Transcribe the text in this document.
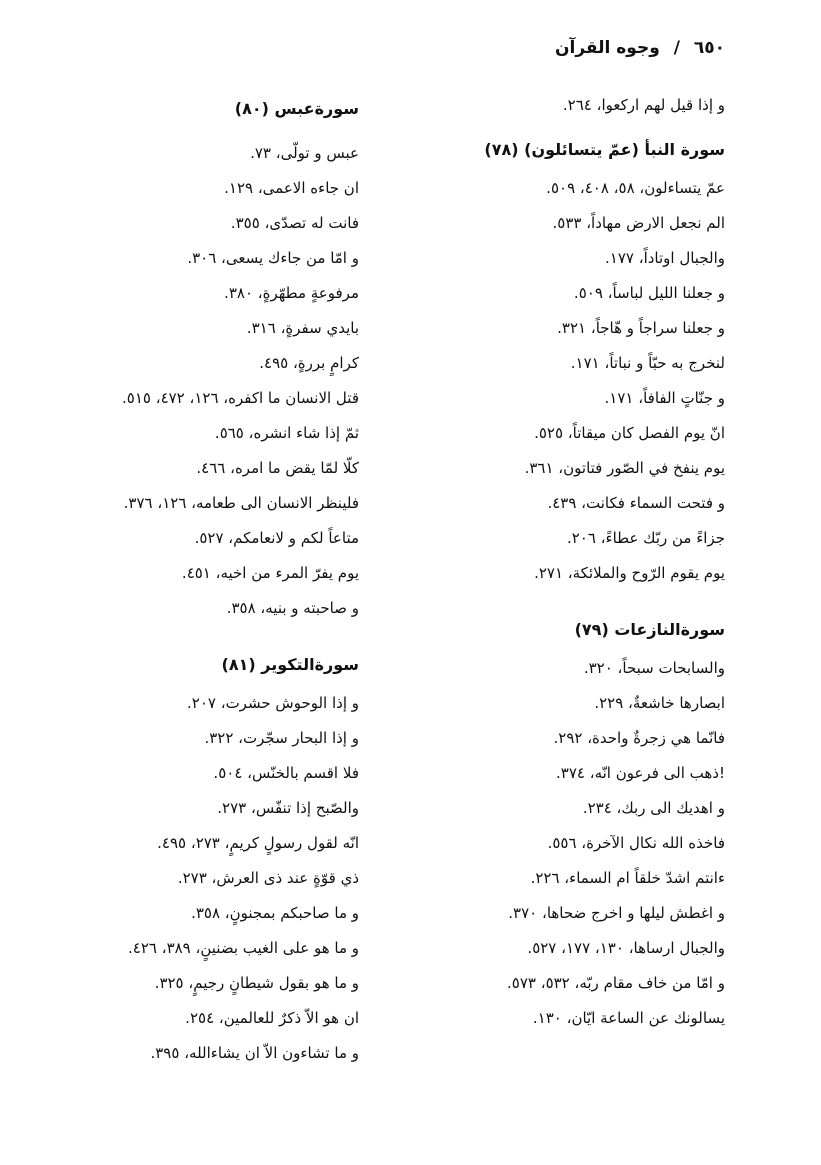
٦٥٠ / وجوه القرآن
و إذا قيل لهم اركعوا، ٢٦٤.
سورة النبأ (عمّ يتسائلون) (٧٨)
عمّ يتساءلون، ٥٨، ٤٠٨، ٥٠٩.
الم نجعل الارض مهاداً، ٥٣٣.
والجبال اوتاداً، ١٧٧.
و جعلنا الليل لباساً، ٥٠٩.
و جعلنا سراجاً و هّاجاً، ٣٢١.
لنخرج به حبّاً و نباتاً، ١٧١.
و جنّاتٍ الفافاً، ١٧١.
انّ يوم الفصل كان ميقاتاً، ٥٢٥.
يوم ينفخ في الصّور فتاتون، ٣٦١.
و فتحت السماء فكانت، ٤٣٩.
جزاءً من ربّك عطاءً، ٢٠٦.
يوم يقوم الرّوح والملائكة، ٢٧١.
سورةالنازعات (٧٩)
والسابحات سبحاً، ٣٢٠.
ابصارها خاشعةٌ، ٢٢٩.
فانّما هي زجرةٌ واحدة، ٢٩٢.
!ذهب الى فرعون انّه، ٣٧٤.
و اهديك الى ربك، ٢٣٤.
فاخذه الله نكال الآخرة، ٥٥٦.
ءانتم اشدّ خلقاً ام السماء، ٢٢٦.
و اغطش ليلها و اخرج ضحاها، ٣٧٠.
والجبال ارساها، ١٣٠، ١٧٧، ٥٢٧.
و امّا من خاف مقام ربّه، ٥٣٢، ٥٧٣.
يسالونك عن الساعة ايّان، ١٣٠.
سورةعبس (٨٠)
عبس و تولّى، ٧٣.
ان جاءه الاعمى، ١٢٩.
فانت له تصدّى، ٣٥٥.
و امّا من جاءك يسعى، ٣٠٦.
مرفوعةٍ مطهّرةٍ، ٣٨٠.
بايدي سفرةٍ، ٣١٦.
كرامٍ بررةٍ، ٤٩٥.
قتل الانسان ما اكفره، ١٢٦، ٤٧٢، ٥١٥.
ثمّ إذا شاء انشره، ٥٦٥.
كلّا لمّا يقض ما امره، ٤٦٦.
فلينظر الانسان الى طعامه، ١٢٦، ٣٧٦.
متاعاً لكم و لانعامكم، ٥٢٧.
يوم يفرّ المرء من اخيه، ٤٥١.
و صاحبته و بنيه، ٣٥٨.
سورةالتكوير (٨١)
و إذا الوحوش حشرت، ٢٠٧.
و إذا البحار سجّرت، ٣٢٢.
فلا اقسم بالخنّس، ٥٠٤.
والصّبح إذا تنفّس، ٢٧٣.
انّه لقول رسولٍ كريمٍ، ٢٧٣، ٤٩٥.
ذي قوّةٍ عند ذى العرش، ٢٧٣.
و ما صاحبكم بمجنونٍ، ٣٥٨.
و ما هو على الغيب بضنينٍ، ٣٨٩، ٤٢٦.
و ما هو بقول شيطانٍ رجيمٍ، ٣٢٥.
ان هو الاّ ذكرٌ للعالمين، ٢٥٤.
و ما تشاءون الاّ ان يشاءالله، ٣٩٥.
